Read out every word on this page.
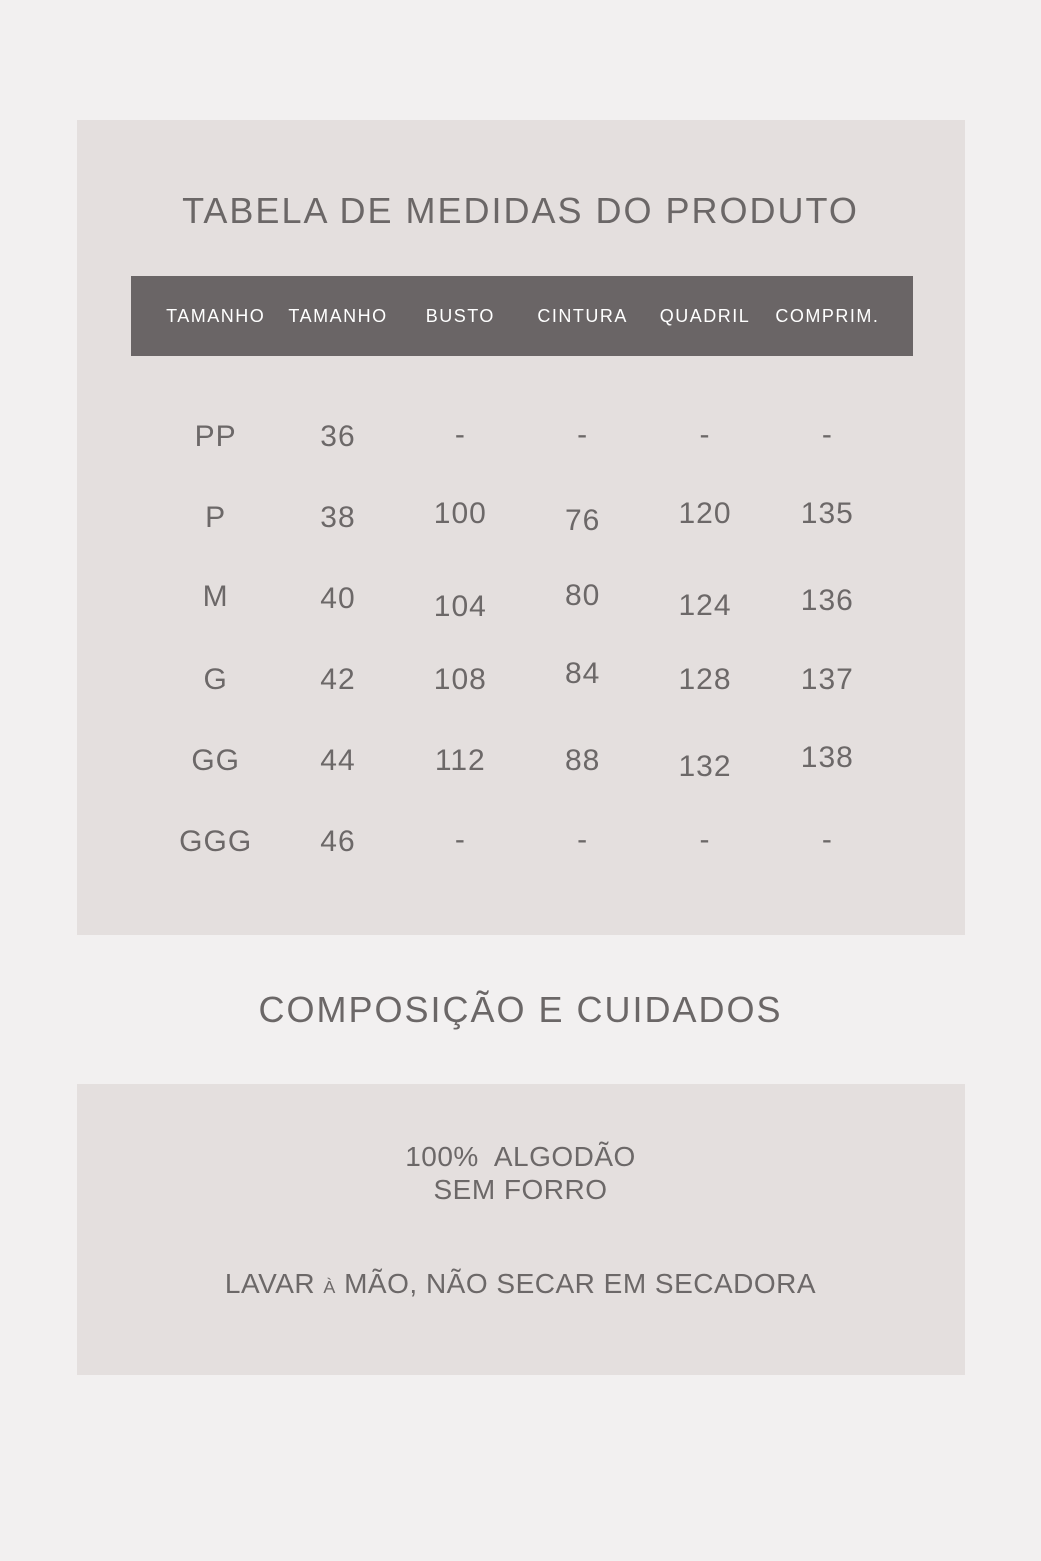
TABELA DE MEDIDAS DO PRODUTO
TAMANHO	TAMANHO	BUSTO	CINTURA	QUADRIL	COMPRIM.
PP	36	-	-	-	-
P	38	100	76	120	135
M	40	104	80	124	136
G	42	108	84	128	137
GG	44	112	88	132	138
GGG	46	-	-	-	-
COMPOSIÇÃO E CUIDADOS

100%  ALGODÃO

SEM FORRO

LAVAR À MÃO, NÃO SECAR EM SECADORA
